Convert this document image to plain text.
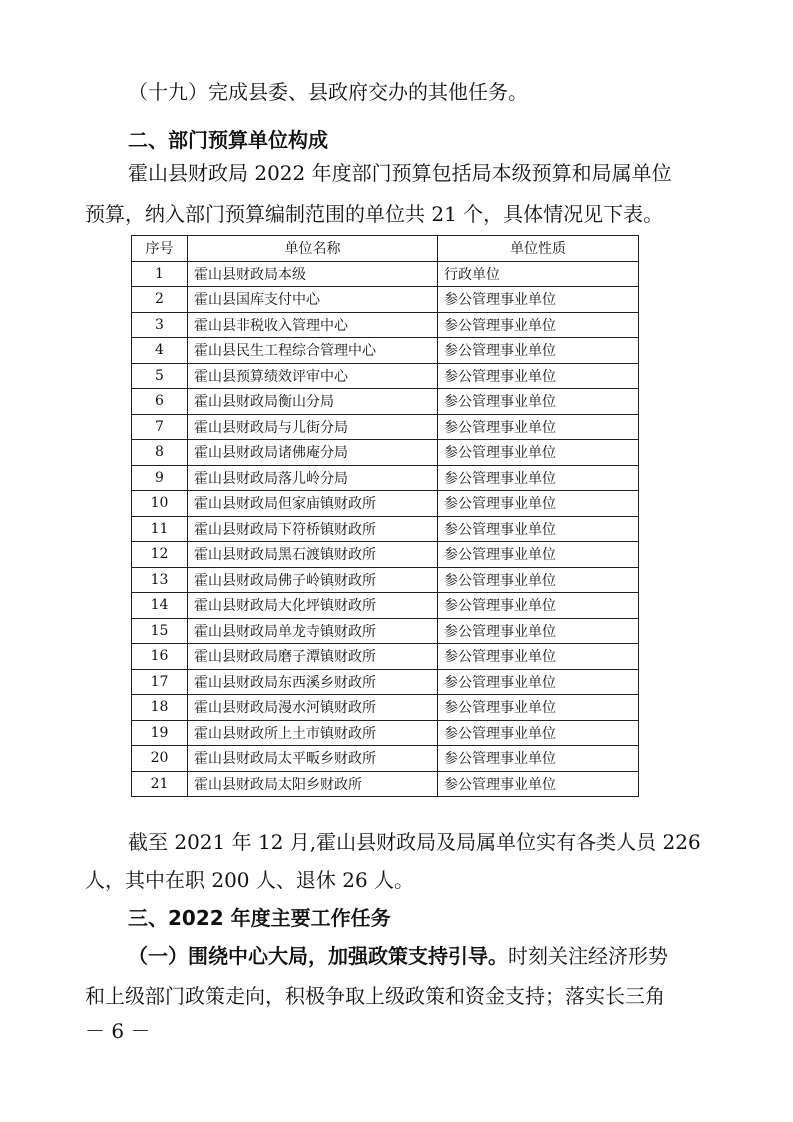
（十九）完成县委、县政府交办的其他任务。
二、部门预算单位构成
霍山县财政局 2022 年度部门预算包括局本级预算和局属单位
预算，纳入部门预算编制范围的单位共 21 个，具体情况见下表。
序号	单位名称	单位性质
1	霍山县财政局本级	行政单位
2	霍山县国库支付中心	参公管理事业单位
3	霍山县非税收入管理中心	参公管理事业单位
4	霍山县民生工程综合管理中心	参公管理事业单位
5	霍山县预算绩效评审中心	参公管理事业单位
6	霍山县财政局衡山分局	参公管理事业单位
7	霍山县财政局与儿街分局	参公管理事业单位
8	霍山县财政局诸佛庵分局	参公管理事业单位
9	霍山县财政局落儿岭分局	参公管理事业单位
10	霍山县财政局但家庙镇财政所	参公管理事业单位
11	霍山县财政局下符桥镇财政所	参公管理事业单位
12	霍山县财政局黑石渡镇财政所	参公管理事业单位
13	霍山县财政局佛子岭镇财政所	参公管理事业单位
14	霍山县财政局大化坪镇财政所	参公管理事业单位
15	霍山县财政局单龙寺镇财政所	参公管理事业单位
16	霍山县财政局磨子潭镇财政所	参公管理事业单位
17	霍山县财政局东西溪乡财政所	参公管理事业单位
18	霍山县财政局漫水河镇财政所	参公管理事业单位
19	霍山县财政所上土市镇财政所	参公管理事业单位
20	霍山县财政局太平畈乡财政所	参公管理事业单位
21	霍山县财政局太阳乡财政所	参公管理事业单位
截至 2021 年 12 月,霍山县财政局及局属单位实有各类人员 226
人，其中在职 200 人、退休 26 人。
三、2022 年度主要工作任务
（一）围绕中心大局，加强政策支持引导。时刻关注经济形势
和上级部门政策走向，积极争取上级政策和资金支持；落实长三角
－ 6 －
